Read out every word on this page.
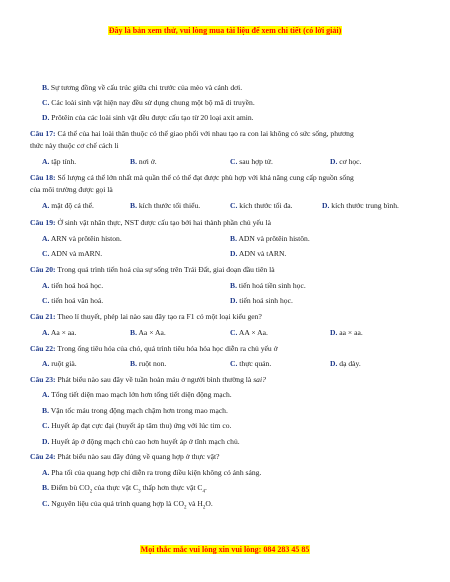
Đây là bản xem thử, vui lòng mua tài liệu để xem chi tiết (có lời giải)
B. Sự tương đồng về cấu trúc giữa chi trước của mèo và cánh dơi.
C. Các loài sinh vật hiện nay đều sử dụng chung một bộ mã di truyền.
D. Prôtêin của các loài sinh vật đều được cấu tạo từ 20 loại axit amin.
Câu 17: Cá thể của hai loài thân thuộc có thể giao phối với nhau tạo ra con lai không có sức sống, phương
thức này thuộc cơ chế cách li
A. tập tính.	B. nơi ở.	C. sau hợp tử.	D. cơ học.
Câu 18: Số lượng cá thể lớn nhất mà quần thể có thể đạt được phù hợp với khả năng cung cấp nguồn sống
của môi trường được gọi là
A. mật độ cá thể.	B. kích thước tối thiểu.	C. kích thước tối đa.	D. kích thước trung bình.
Câu 19: Ở sinh vật nhân thực, NST được cấu tạo bởi hai thành phần chủ yếu là
A. ARN và prôtêin histon.	B. ADN và prôtêin histôn.
C. ADN và mARN.	D. ADN và tARN.
Câu 20: Trong quá trình tiến hoá của sự sống trên Trái Đất, giai đoạn đầu tiên là
A. tiến hoá hoá học.	B. tiến hoá tiền sinh học.
C. tiến hoá văn hoá.	D. tiến hoá sinh học.
Câu 21: Theo lí thuyết, phép lai nào sau đây tạo ra F1 có một loại kiểu gen?
A. Aa × aa.	B. Aa × Aa.	C. AA × Aa.	D. aa × aa.
Câu 22: Trong ống tiêu hóa của chó, quá trình tiêu hóa hóa học diễn ra chủ yếu ở
A. ruột già.	B. ruột non.	C. thực quản.	D. dạ dày.
Câu 23: Phát biểu nào sau đây về tuần hoàn máu ở người bình thường là sai?
A. Tổng tiết diện mao mạch lớn hơn tổng tiết diện động mạch.
B. Vận tốc máu trong động mạch chậm hơn trong mao mạch.
C. Huyết áp đạt cực đại (huyết áp tâm thu) ứng với lúc tim co.
D. Huyết áp ở động mạch chủ cao hơn huyết áp ở tĩnh mạch chủ.
Câu 24: Phát biểu nào sau đây đúng về quang hợp ở thực vật?
A. Pha tối của quang hợp chỉ diễn ra trong điều kiện không có ánh sáng.
B. Điểm bù $CO_2$ của thực vật $C_3$ thấp hơn thực vật $C_4$.
C. Nguyên liệu của quá trình quang hợp là $CO_2$ và $H_2O$.
Mọi thắc mắc vui lòng xin vui lòng: 084 283 45 85
